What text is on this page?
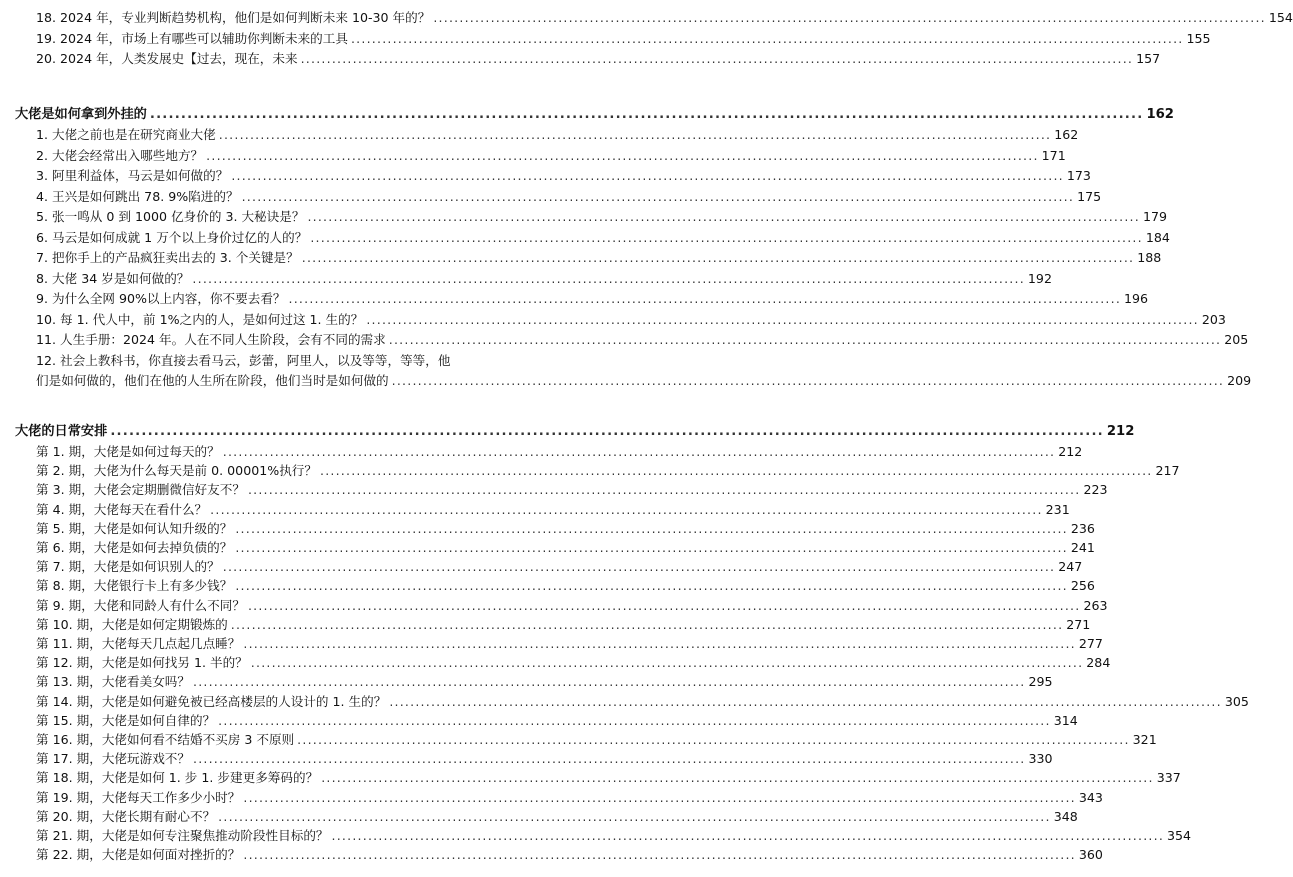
18. 2024 年，专业判断趋势机构，他们是如何判断未来 10-30 年的？ ................................................................................................................................................................ 154
19. 2024 年，市场上有哪些可以辅助你判断未来的工具 ................................................................................................................................................................ 155
20. 2024 年，人类发展史【过去，现在，未来 ................................................................................................................................................................ 157
大佬是如何拿到外挂的 ................................................................................................................................................................ 162
1. 大佬之前也是在研究商业大佬 ................................................................................................................................................................ 162
2. 大佬会经常出入哪些地方？ ................................................................................................................................................................ 171
3. 阿里利益体，马云是如何做的？ ................................................................................................................................................................ 173
4. 王兴是如何跳出 78. 9%陷进的？ ................................................................................................................................................................ 175
5. 张一鸣从 0 到 1000 亿身价的 3. 大秘诀是？ ................................................................................................................................................................ 179
6. 马云是如何成就 1 万个以上身价过亿的人的？ ................................................................................................................................................................ 184
7. 把你手上的产品疯狂卖出去的 3. 个关键是？ ................................................................................................................................................................ 188
8. 大佬 34 岁是如何做的？ ................................................................................................................................................................ 192
9. 为什么全网 90%以上内容，你不要去看？ ................................................................................................................................................................ 196
10. 每 1. 代人中，前 1%之内的人，是如何过这 1. 生的？ ................................................................................................................................................................ 203
11. 人生手册：2024 年。人在不同人生阶段，会有不同的需求 ................................................................................................................................................................ 205
12. 社会上教科书，你直接去看马云，彭蕾，阿里人，以及等等，等等，他
们是如何做的，他们在他的人生所在阶段，他们当时是如何做的 ................................................................................................................................................................ 209
大佬的日常安排 ................................................................................................................................................................ 212
第 1. 期，大佬是如何过每天的？ ................................................................................................................................................................ 212
第 2. 期，大佬为什么每天是前 0. 00001%执行？ ................................................................................................................................................................ 217
第 3. 期，大佬会定期删微信好友不？ ................................................................................................................................................................ 223
第 4. 期，大佬每天在看什么？ ................................................................................................................................................................ 231
第 5. 期，大佬是如何认知升级的？ ................................................................................................................................................................ 236
第 6. 期，大佬是如何去掉负债的？ ................................................................................................................................................................ 241
第 7. 期，大佬是如何识别人的？ ................................................................................................................................................................ 247
第 8. 期，大佬银行卡上有多少钱？ ................................................................................................................................................................ 256
第 9. 期，大佬和同龄人有什么不同？ ................................................................................................................................................................ 263
第 10. 期，大佬是如何定期锻炼的 ................................................................................................................................................................ 271
第 11. 期，大佬每天几点起几点睡？ ................................................................................................................................................................ 277
第 12. 期，大佬是如何找另 1. 半的？ ................................................................................................................................................................ 284
第 13. 期，大佬看美女吗？ ................................................................................................................................................................ 295
第 14. 期，大佬是如何避免被已经高楼层的人设计的 1. 生的？ ................................................................................................................................................................ 305
第 15. 期，大佬是如何自律的？ ................................................................................................................................................................ 314
第 16. 期，大佬如何看不结婚不买房 3 不原则 ................................................................................................................................................................ 321
第 17. 期，大佬玩游戏不？ ................................................................................................................................................................ 330
第 18. 期，大佬是如何 1. 步 1. 步建更多筹码的？ ................................................................................................................................................................ 337
第 19. 期，大佬每天工作多少小时？ ................................................................................................................................................................ 343
第 20. 期，大佬长期有耐心不？ ................................................................................................................................................................ 348
第 21. 期，大佬是如何专注聚焦推动阶段性目标的？ ................................................................................................................................................................ 354
第 22. 期，大佬是如何面对挫折的？ ................................................................................................................................................................ 360
